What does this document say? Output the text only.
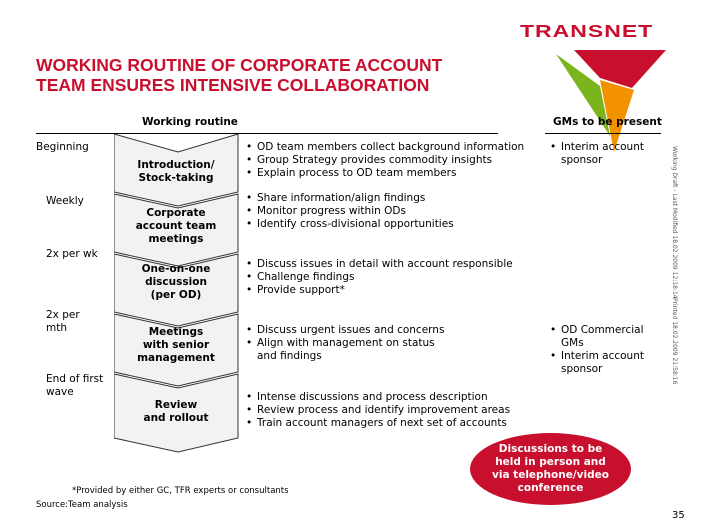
TRANSNET
WORKING ROUTINE OF CORPORATE ACCOUNT
TEAM ENSURES INTENSIVE COLLABORATION
Working routine	GMs to be present
Beginning
Weekly
2x per wk
2x per
mth
End of first
wave
Introduction/
Stock-taking
Corporate
account team
meetings
One-on-one
discussion
(per OD)
Meetings
with senior
management
Review
and rollout
• OD team members collect background information
• Group Strategy provides commodity insights
• Explain process to OD team members
• Share information/align findings
• Monitor progress within ODs
• Identify cross-divisional opportunities
• Discuss issues in detail with account responsible
• Challenge findings
• Provide support*
• Discuss urgent issues and concerns
• Align with management on status
and findings
• Intense discussions and process description
• Review process and identify improvement areas
• Train account managers of next set of accounts
• Interim account
sponsor
• OD Commercial
GMs
• Interim account
sponsor
Working Draft - Last Modified 18.02.2009 12:18:14
Printed 18.02.2009 21:58:16
Discussions to be
held in person and
via telephone/video
conference
*Provided by either GC, TFR experts or consultants
Source:Team analysis
35
